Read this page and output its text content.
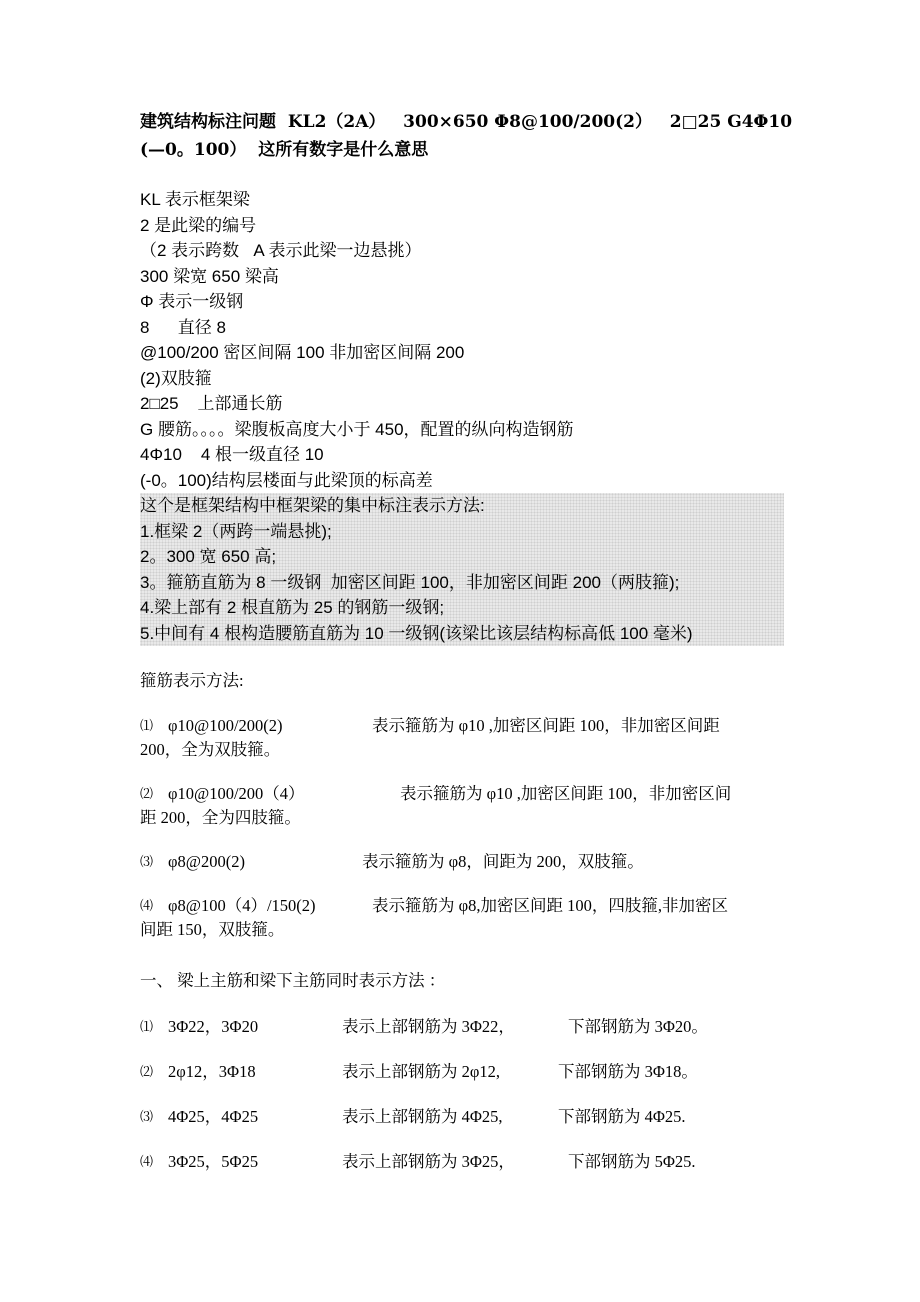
建筑结构标注问题  KL2（2A）   300×650 Φ8@100/200(2）   2□25 G4Φ10 (—0。100）  这所有数字是什么意思
KL 表示框架梁
2 是此梁的编号
（2 表示跨数   A 表示此梁一边悬挑）
300 梁宽 650 梁高
Φ 表示一级钢
8      直径 8
@100/200 密区间隔 100 非加密区间隔 200
(2)双肢箍
2□25    上部通长筋
G 腰筋。。。。梁腹板高度大小于 450，配置的纵向构造钢筋
4Φ10    4 根一级直径 10
(-0。100)结构层楼面与此梁顶的标高差
这个是框架结构中框架梁的集中标注表示方法:
1.框梁 2（两跨一端悬挑);
2。300 宽 650 高;
3。箍筋直筋为 8 一级钢  加密区间距 100，非加密区间距 200（两肢箍);
4.梁上部有 2 根直筋为 25 的钢筋一级钢;
5.中间有 4 根构造腰筋直筋为 10 一级钢(该梁比该层结构标高低 100 毫米)
箍筋表示方法:
⑴ φ10@100/200(2)	表示箍筋为 φ10 ,加密区间距 100，非加密区间距
200，全为双肢箍。
⑵ φ10@100/200（4）	表示箍筋为 φ10 ,加密区间距 100，非加密区间
距 200，全为四肢箍。
⑶ φ8@200(2)	表示箍筋为 φ8，间距为 200，双肢箍。
⑷ φ8@100（4）/150(2)	表示箍筋为 φ8,加密区间距 100，四肢箍,非加密区
间距 150，双肢箍。
一、 梁上主筋和梁下主筋同时表示方法 ：
⑴ 3Φ22，3Φ20	表示上部钢筋为 3Φ22，	下部钢筋为 3Φ20。
⑵ 2φ12，3Φ18	表示上部钢筋为 2φ12,	下部钢筋为 3Φ18。
⑶ 4Φ25，4Φ25	表示上部钢筋为 4Φ25,	下部钢筋为 4Φ25.
⑷ 3Φ25，5Φ25	表示上部钢筋为 3Φ25，	下部钢筋为 5Φ25.
